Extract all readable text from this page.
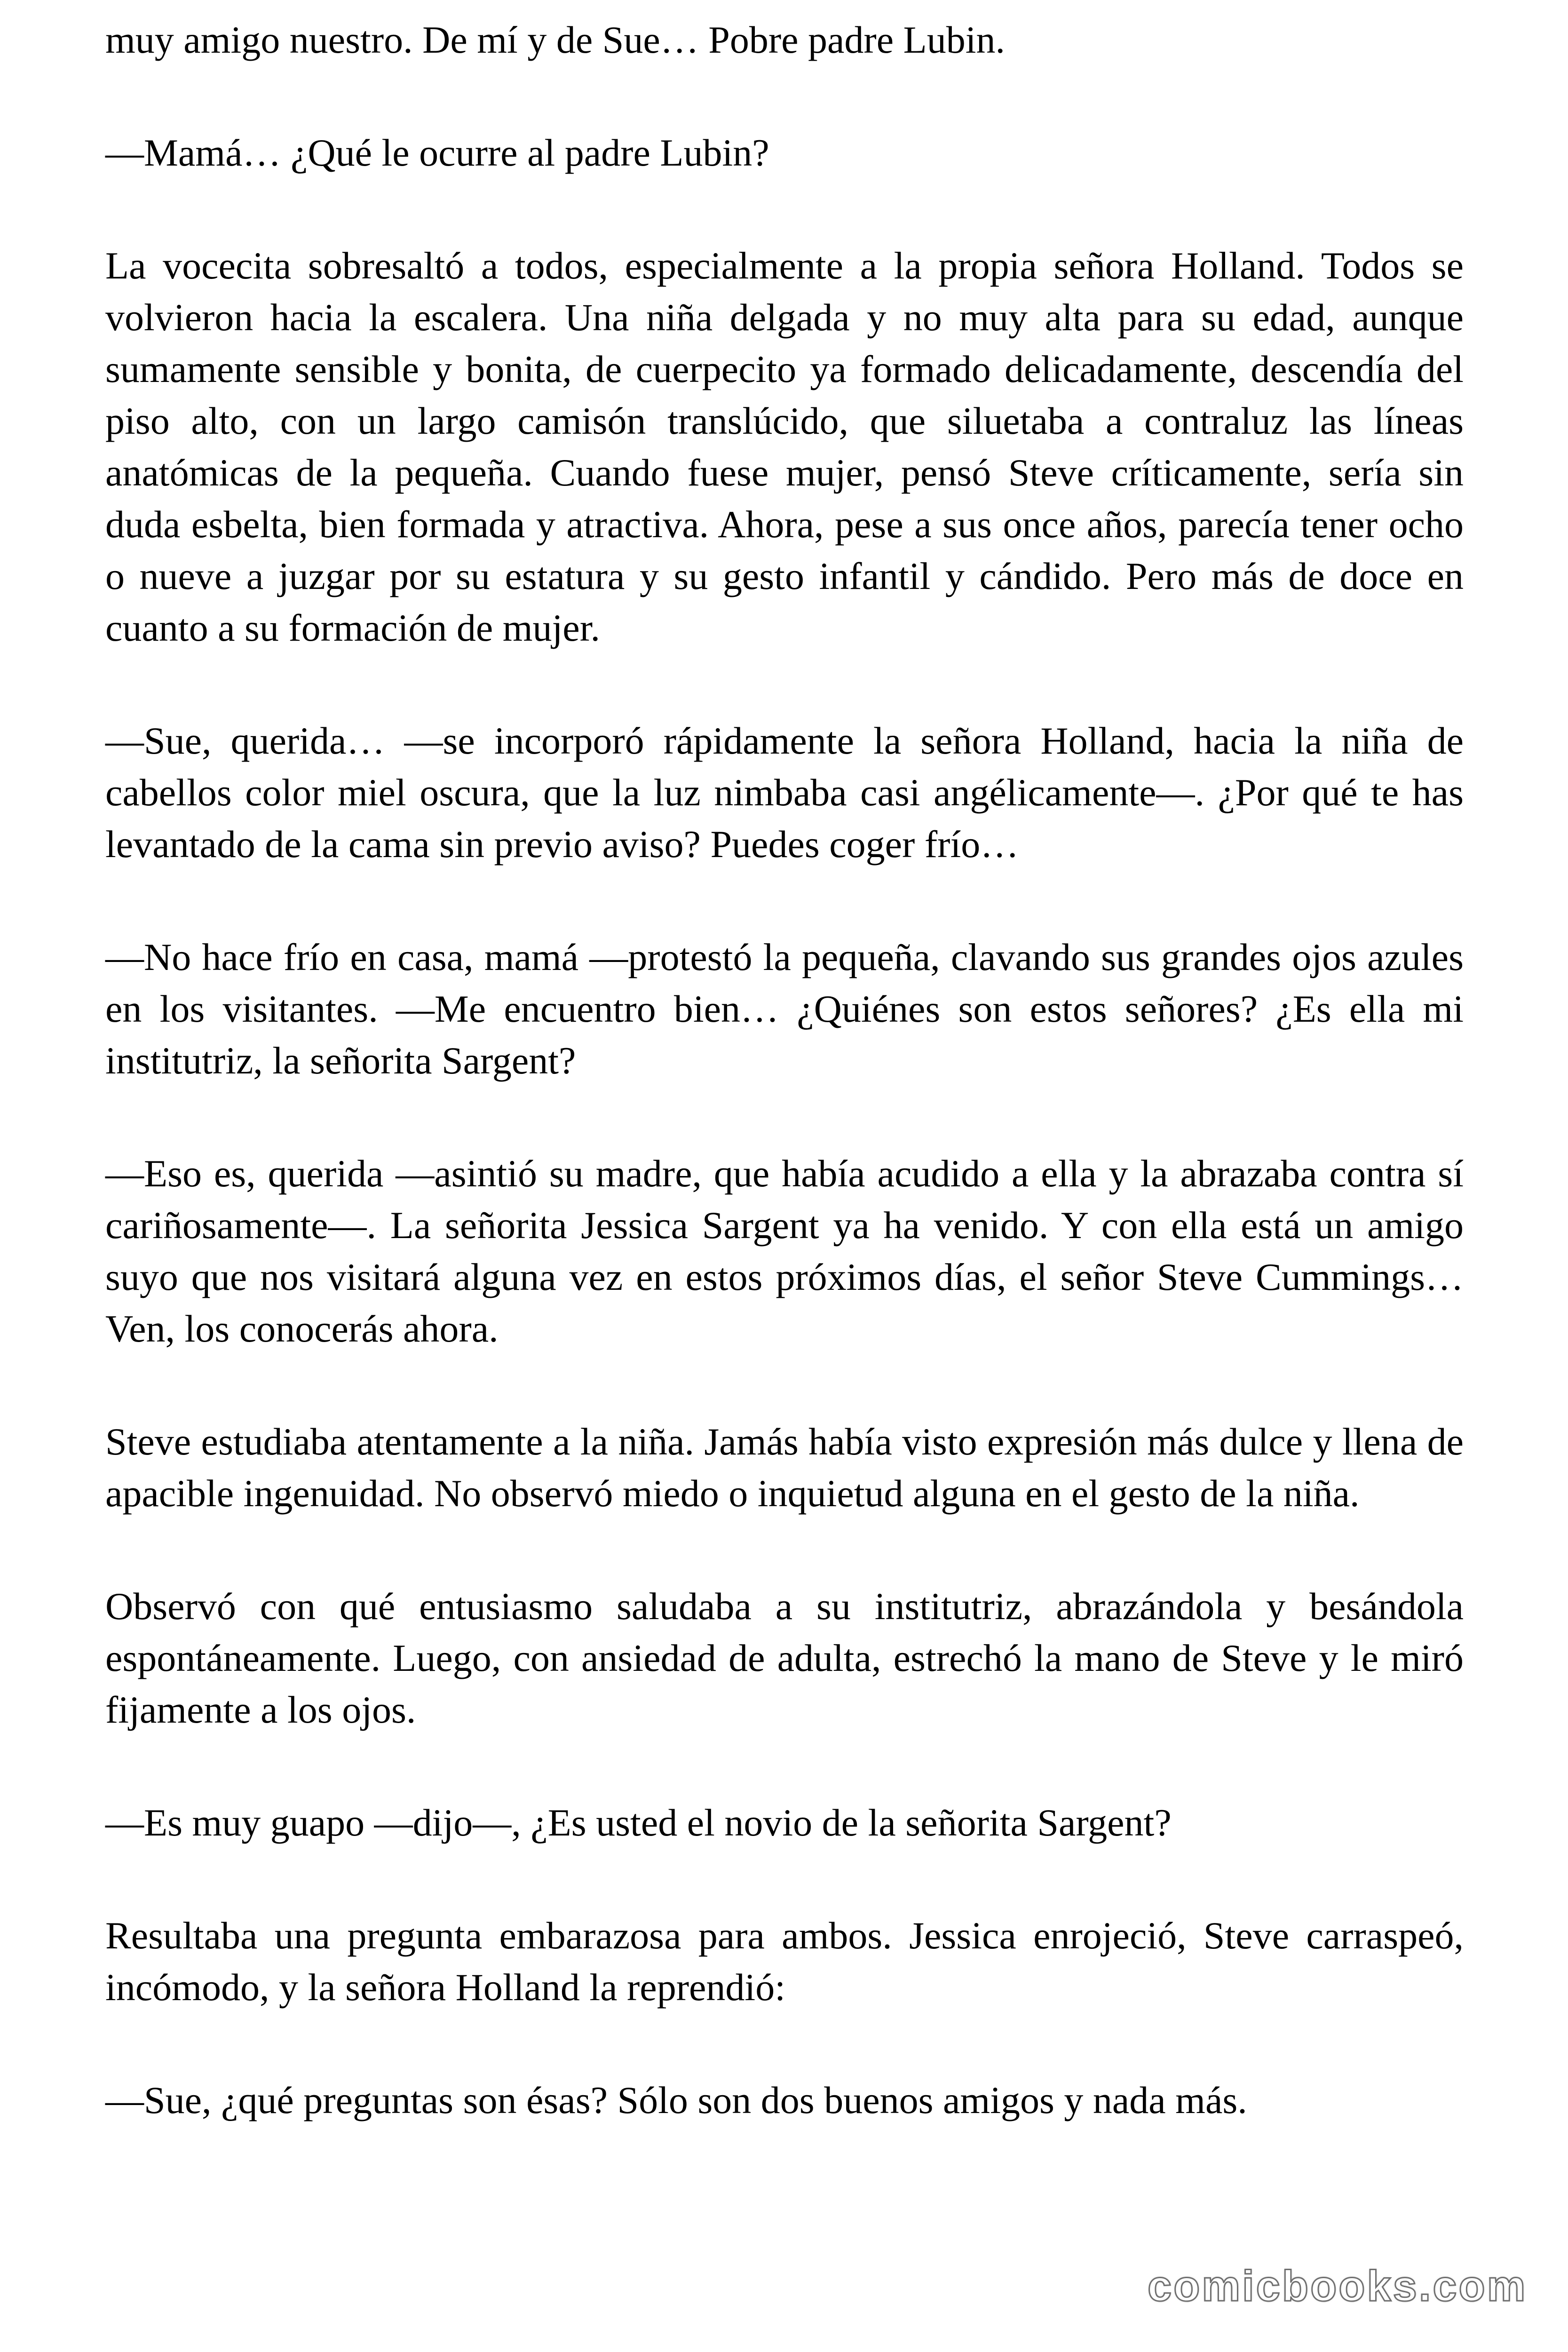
muy amigo nuestro. De mí y de Sue… Pobre padre Lubin.

—Mamá… ¿Qué le ocurre al padre Lubin?

La vocecita sobresaltó a todos, especialmente a la propia señora Holland. Todos se volvieron hacia la escalera. Una niña delgada y no muy alta para su edad, aunque sumamente sensible y bonita, de cuerpecito ya formado delicadamente, descendía del piso alto, con un largo camisón translúcido, que siluetaba a contraluz las líneas anatómicas de la pequeña. Cuando fuese mujer, pensó Steve críticamente, sería sin duda esbelta, bien formada y atractiva. Ahora, pese a sus once años, parecía tener ocho o nueve a juzgar por su estatura y su gesto infantil y cándido. Pero más de doce en cuanto a su formación de mujer.

—Sue, querida… —se incorporó rápidamente la señora Holland, hacia la niña de cabellos color miel oscura, que la luz nimbaba casi angélicamente—. ¿Por qué te has levantado de la cama sin previo aviso? Puedes coger frío…

—No hace frío en casa, mamá —protestó la pequeña, clavando sus grandes ojos azules en los visitantes. —Me encuentro bien… ¿Quiénes son estos señores? ¿Es ella mi institutriz, la señorita Sargent?

—Eso es, querida —asintió su madre, que había acudido a ella y la abrazaba contra sí cariñosamente—. La señorita Jessica Sargent ya ha venido. Y con ella está un amigo suyo que nos visitará alguna vez en estos próximos días, el señor Steve Cummings… Ven, los conocerás ahora.

Steve estudiaba atentamente a la niña. Jamás había visto expresión más dulce y llena de apacible ingenuidad. No observó miedo o inquietud alguna en el gesto de la niña.

Observó con qué entusiasmo saludaba a su institutriz, abrazándola y besándola espontáneamente. Luego, con ansiedad de adulta, estrechó la mano de Steve y le miró fijamente a los ojos.

—Es muy guapo —dijo—, ¿Es usted el novio de la señorita Sargent?

Resultaba una pregunta embarazosa para ambos. Jessica enrojeció, Steve carraspeó, incómodo, y la señora Holland la reprendió:

—Sue, ¿qué preguntas son ésas? Sólo son dos buenos amigos y nada más.

comicbooks.com
